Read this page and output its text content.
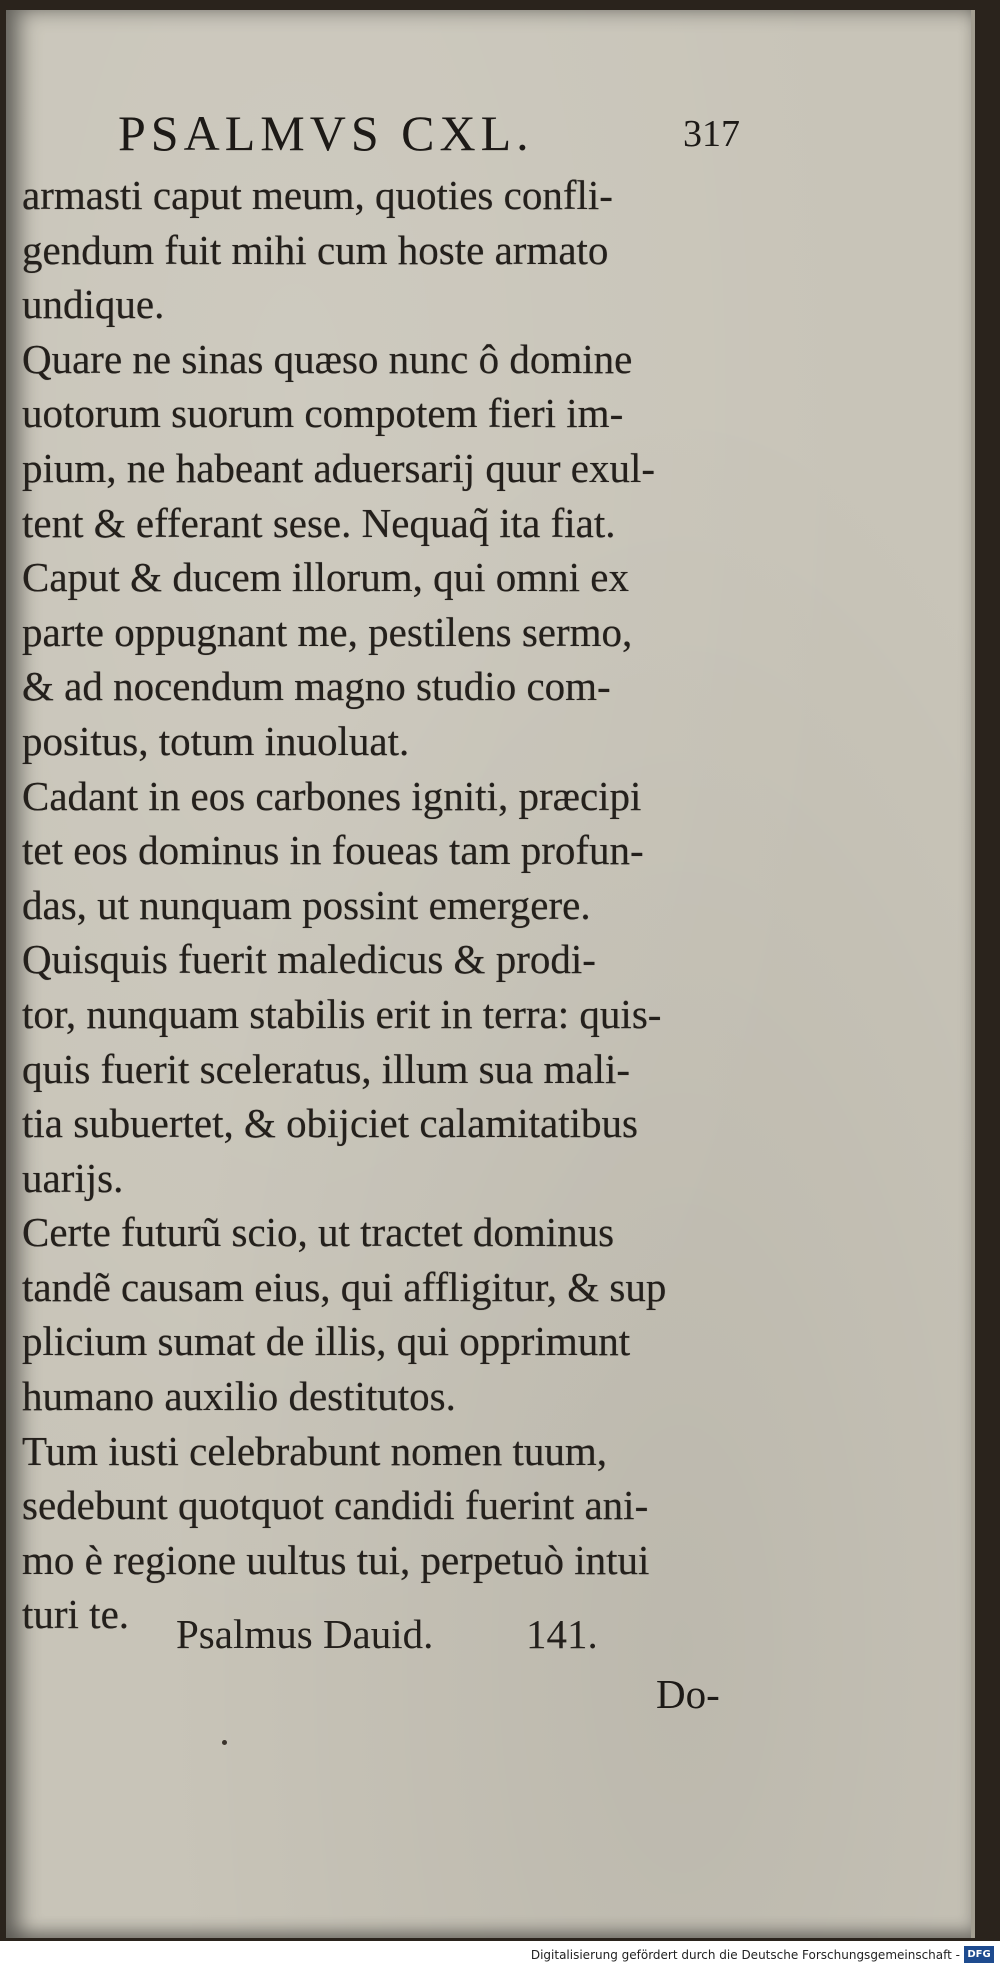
PSALMVS CXL.	317
armasti caput meum, quoties confli-
gendum fuit mihi cum hoste armato
undique.
Quare ne sinas quæso nunc ô domine
uotorum suorum compotem fieri im-
pium, ne habeant aduersarij quur exul-
tent & efferant sese. Nequaq̃ ita fiat.
Caput & ducem illorum, qui omni ex
parte oppugnant me, pestilens sermo,
& ad nocendum magno studio com-
positus, totum inuoluat.
Cadant in eos carbones igniti, præcipi
tet eos dominus in foueas tam profun-
das, ut nunquam possint emergere.
Quisquis fuerit maledicus & prodi-
tor, nunquam stabilis erit in terra: quis-
quis fuerit sceleratus, illum sua mali-
tia subuertet, & obijciet calamitatibus
uarijs.
Certe futurũ scio, ut tractet dominus
tandẽ causam eius, qui affligitur, & sup
plicium sumat de illis, qui opprimunt
humano auxilio destitutos.
Tum iusti celebrabunt nomen tuum,
sedebunt quotquot candidi fuerint ani-
mo è regione uultus tui, perpetuò intui
turi te.	Psalmus Dauid. 141.
Do-
Digitalisierung gefördert durch die Deutsche Forschungsgemeinschaft - DFG
